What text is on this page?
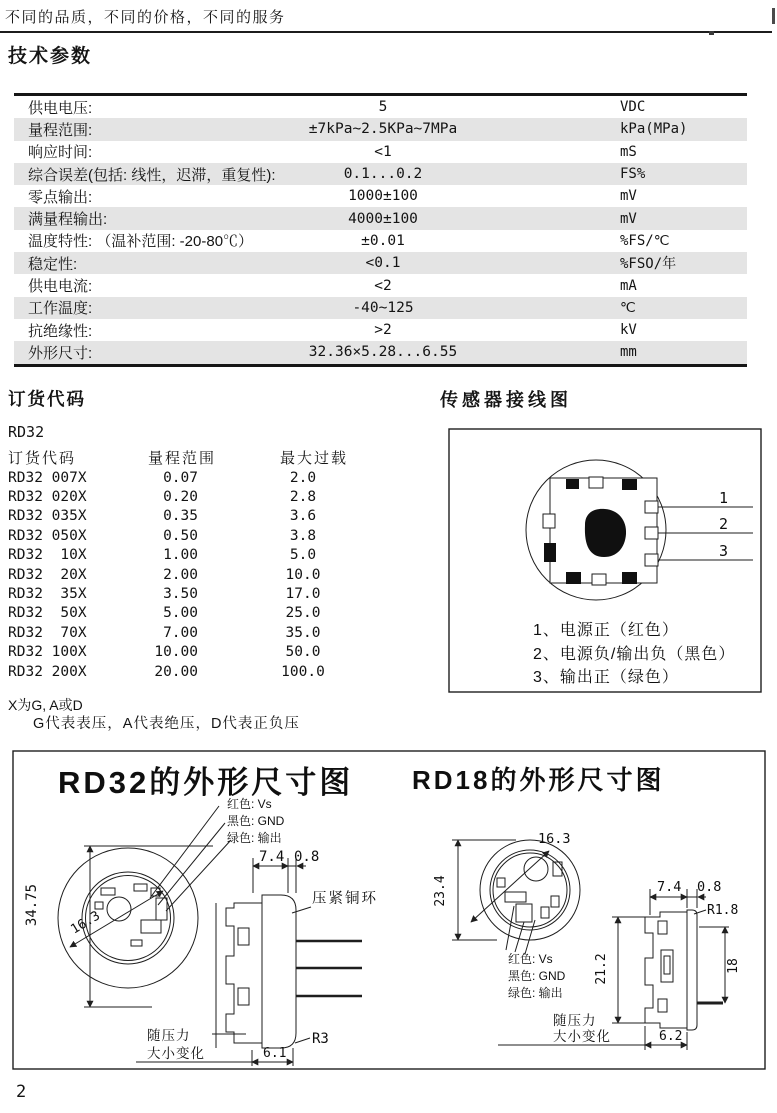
不同的品质，不同的价格，不同的服务
技术参数
供电电压:	5	VDC
量程范围:	±7kPa~2.5KPa~7MPa	kPa(MPa)
响应时间:	<1	mS
综合误差(包括: 线性，迟滞，重复性):	0.1...0.2	FS%
零点输出:	1000±100	mV
满量程输出:	4000±100	mV
温度特性: （温补范围: -20-80℃）	±0.01	%FS/℃
稳定性:	<0.1	%FSO/年
供电电流:	<2	mA
工作温度:	-40~125	℃
抗绝缘性:	>2	kV
外形尺寸:	32.36×5.28...6.55	mm
订货代码
RD32
订货代码	量程范围	最大过载
RD32 007X	0.07	2.0
RD32 020X	0.20	2.8
RD32 035X	0.35	3.6
RD32 050X	0.50	3.8
RD32  10X	1.00	5.0
RD32  20X	2.00	10.0
RD32  35X	3.50	17.0
RD32  50X	5.00	25.0
RD32  70X	7.00	35.0
RD32 100X	10.00	50.0
RD32 200X	20.00	100.0
X为G, A或D
G代表表压，A代表绝压，D代表正负压
传感器接线图
1
2
3
1、电源正（红色）
2、电源负/输出负（黑色）
3、输出正（绿色）
RD32的外形尺寸图 RD18的外形尺寸图
34.75 16.3
红色: Vs
黑色: GND
绿色: 输出
7.4 0.8
压紧铜环
R3
随压力
大小变化	6.1
23.4
16.3
红色: Vs
黑色: GND
绿色: 输出
7.4 0.8
R1.8
21.2	18
6.2
随压力
大小变化
2
